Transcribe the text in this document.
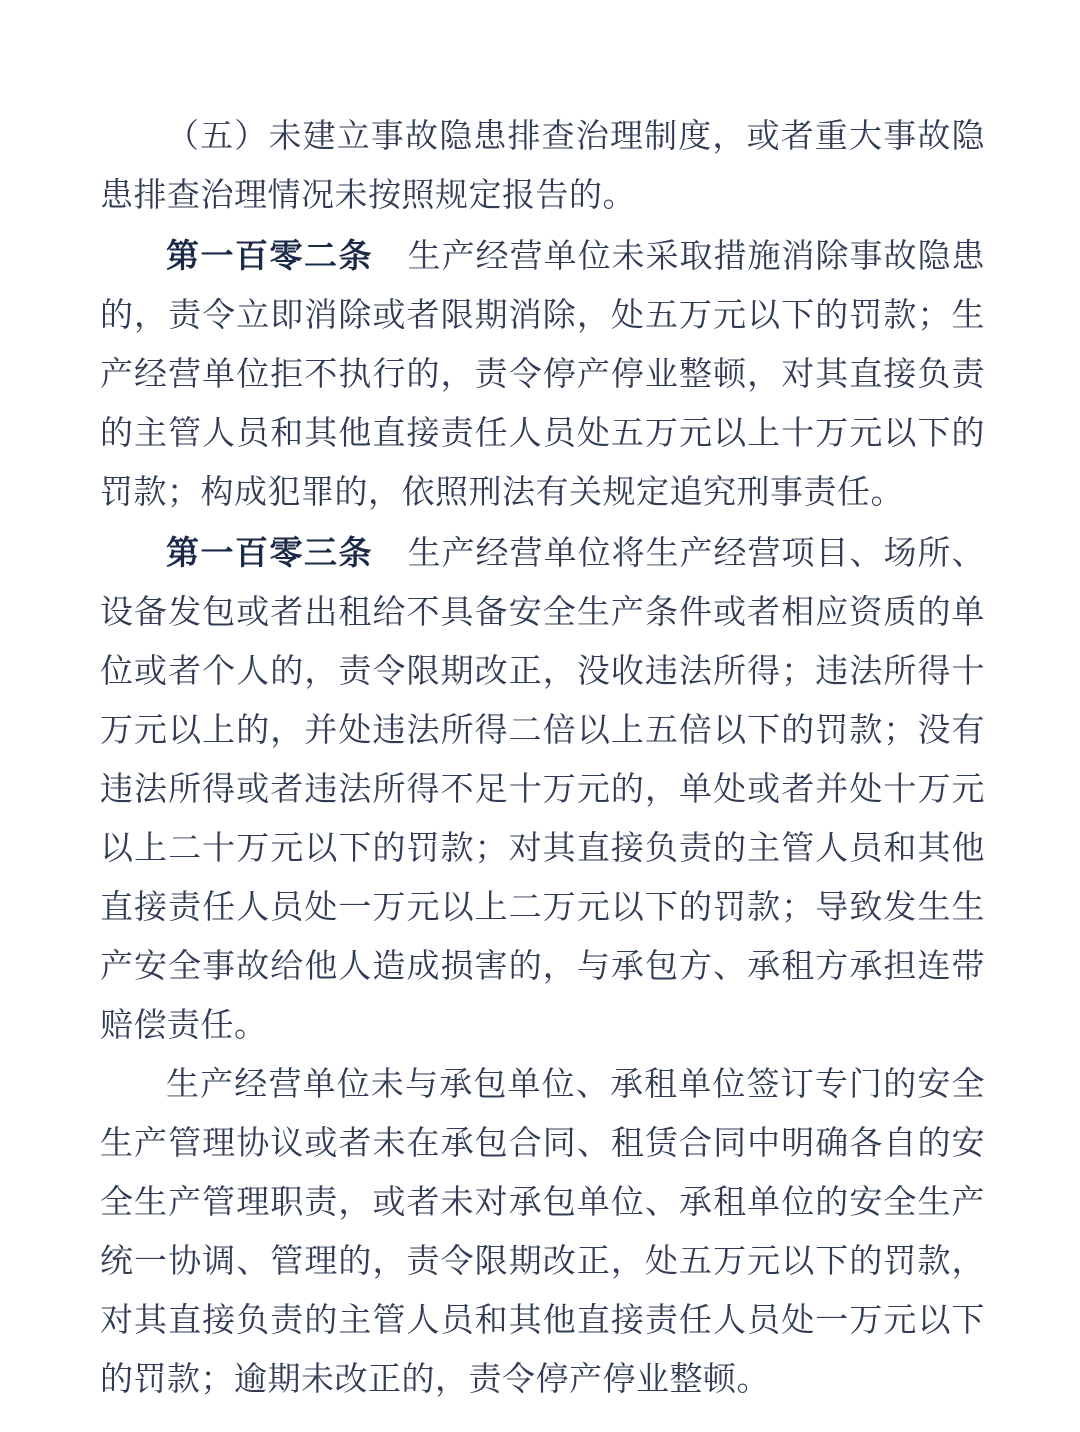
（五）未建立事故隐患排查治理制度，或者重大事故隐患排查治理情况未按照规定报告的。

第一百零二条 生产经营单位未采取措施消除事故隐患的，责令立即消除或者限期消除，处五万元以下的罚款；生产经营单位拒不执行的，责令停产停业整顿，对其直接负责的主管人员和其他直接责任人员处五万元以上十万元以下的罚款；构成犯罪的，依照刑法有关规定追究刑事责任。

第一百零三条 生产经营单位将生产经营项目、场所、设备发包或者出租给不具备安全生产条件或者相应资质的单位或者个人的，责令限期改正，没收违法所得；违法所得十万元以上的，并处违法所得二倍以上五倍以下的罚款；没有违法所得或者违法所得不足十万元的，单处或者并处十万元以上二十万元以下的罚款；对其直接负责的主管人员和其他直接责任人员处一万元以上二万元以下的罚款；导致发生生产安全事故给他人造成损害的，与承包方、承租方承担连带赔偿责任。

生产经营单位未与承包单位、承租单位签订专门的安全生产管理协议或者未在承包合同、租赁合同中明确各自的安全生产管理职责，或者未对承包单位、承租单位的安全生产统一协调、管理的，责令限期改正，处五万元以下的罚款，对其直接负责的主管人员和其他直接责任人员处一万元以下的罚款；逾期未改正的，责令停产停业整顿。
